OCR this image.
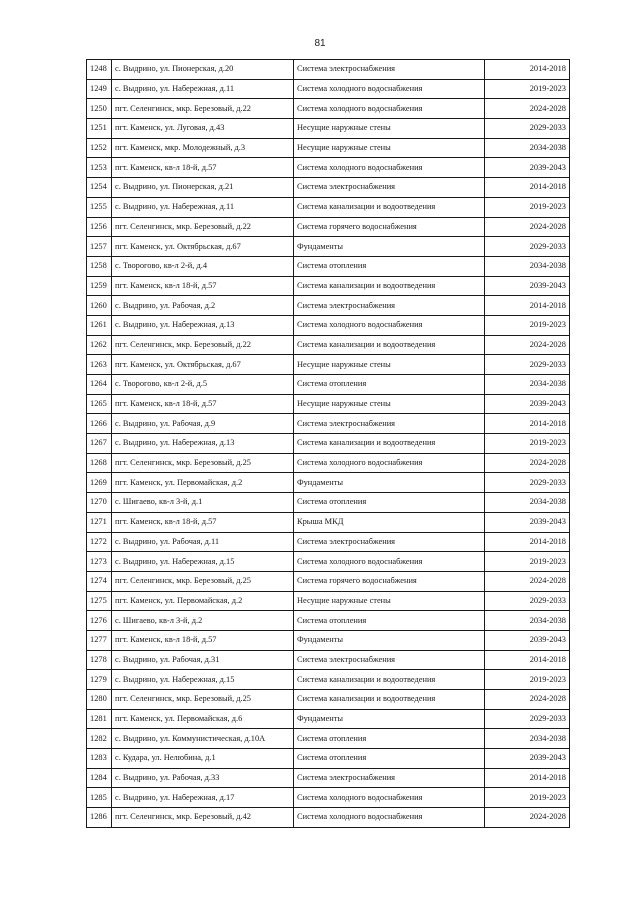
81
1248	с. Выдрино, ул. Пионерская, д.20	Система электроснабжения	2014-2018
1249	с. Выдрино, ул. Набережная, д.11	Система холодного водоснабжения	2019-2023
1250	пгт. Селенгинск, мкр. Березовый, д.22	Система холодного водоснабжения	2024-2028
1251	пгт. Каменск, ул. Луговая, д.43	Несущие наружные стены	2029-2033
1252	пгт. Каменск, мкр. Молодежный, д.3	Несущие наружные стены	2034-2038
1253	пгт. Каменск, кв-л 18-й, д.57	Система холодного водоснабжения	2039-2043
1254	с. Выдрино, ул. Пионерская, д.21	Система электроснабжения	2014-2018
1255	с. Выдрино, ул. Набережная, д.11	Система канализации и водоотведения	2019-2023
1256	пгт. Селенгинск, мкр. Березовый, д.22	Система горячего водоснабжения	2024-2028
1257	пгт. Каменск, ул. Октябрьская, д.67	Фундаменты	2029-2033
1258	с. Творогово, кв-л 2-й, д.4	Система отопления	2034-2038
1259	пгт. Каменск, кв-л 18-й, д.57	Система канализации и водоотведения	2039-2043
1260	с. Выдрино, ул. Рабочая, д.2	Система электроснабжения	2014-2018
1261	с. Выдрино, ул. Набережная, д.13	Система холодного водоснабжения	2019-2023
1262	пгт. Селенгинск, мкр. Березовый, д.22	Система канализации и водоотведения	2024-2028
1263	пгт. Каменск, ул. Октябрьская, д.67	Несущие наружные стены	2029-2033
1264	с. Творогово, кв-л 2-й, д.5	Система отопления	2034-2038
1265	пгт. Каменск, кв-л 18-й, д.57	Несущие наружные стены	2039-2043
1266	с. Выдрино, ул. Рабочая, д.9	Система электроснабжения	2014-2018
1267	с. Выдрино, ул. Набережная, д.13	Система канализации и водоотведения	2019-2023
1268	пгт. Селенгинск, мкр. Березовый, д.25	Система холодного водоснабжения	2024-2028
1269	пгт. Каменск, ул. Первомайская, д.2	Фундаменты	2029-2033
1270	с. Шигаево, кв-л 3-й, д.1	Система отопления	2034-2038
1271	пгт. Каменск, кв-л 18-й, д.57	Крыша МКД	2039-2043
1272	с. Выдрино, ул. Рабочая, д.11	Система электроснабжения	2014-2018
1273	с. Выдрино, ул. Набережная, д.15	Система холодного водоснабжения	2019-2023
1274	пгт. Селенгинск, мкр. Березовый, д.25	Система горячего водоснабжения	2024-2028
1275	пгт. Каменск, ул. Первомайская, д.2	Несущие наружные стены	2029-2033
1276	с. Шигаево, кв-л 3-й, д.2	Система отопления	2034-2038
1277	пгт. Каменск, кв-л 18-й, д.57	Фундаменты	2039-2043
1278	с. Выдрино, ул. Рабочая, д.31	Система электроснабжения	2014-2018
1279	с. Выдрино, ул. Набережная, д.15	Система канализации и водоотведения	2019-2023
1280	пгт. Селенгинск, мкр. Березовый, д.25	Система канализации и водоотведения	2024-2028
1281	пгт. Каменск, ул. Первомайская, д.6	Фундаменты	2029-2033
1282	с. Выдрино, ул. Коммунистическая, д.10А	Система отопления	2034-2038
1283	с. Кудара, ул. Нелюбина, д.1	Система отопления	2039-2043
1284	с. Выдрино, ул. Рабочая, д.33	Система электроснабжения	2014-2018
1285	с. Выдрино, ул. Набережная, д.17	Система холодного водоснабжения	2019-2023
1286	пгт. Селенгинск, мкр. Березовый, д.42	Система холодного водоснабжения	2024-2028
